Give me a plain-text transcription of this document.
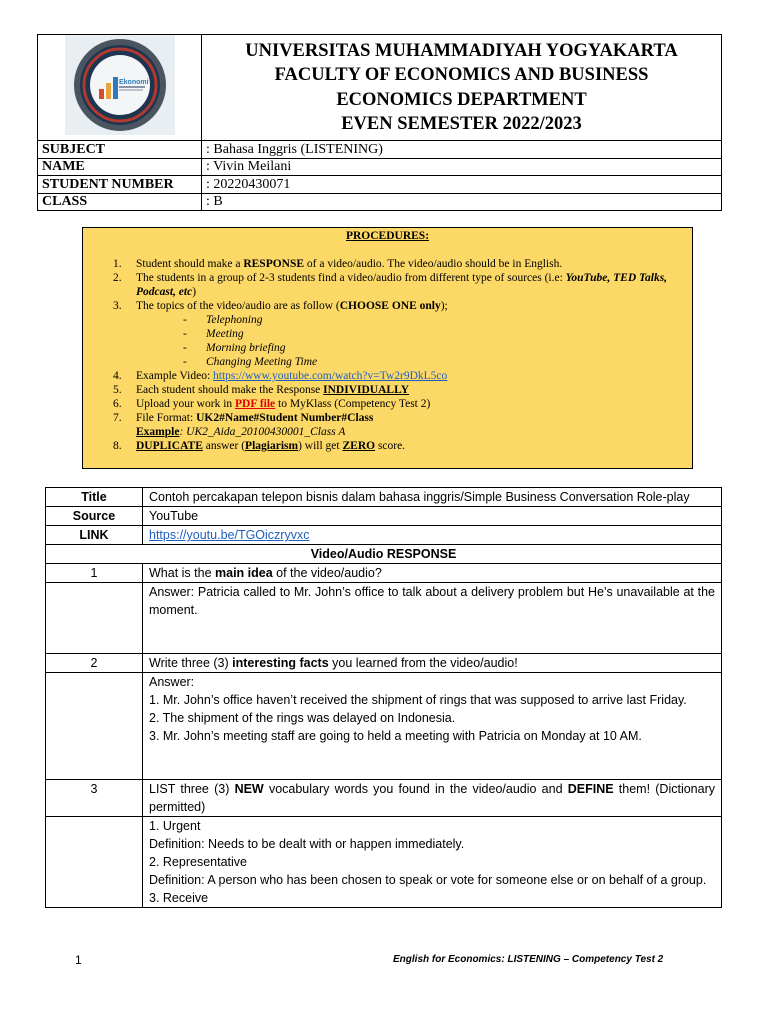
Ekonomi	UNIVERSITAS MUHAMMADIYAH YOGYAKARTA
FACULTY OF ECONOMICS AND BUSINESS
ECONOMICS DEPARTMENT
EVEN SEMESTER 2022/2023

SUBJECT	: Bahasa Inggris (LISTENING)
NAME	: Vivin Meilani
STUDENT NUMBER	: 20220430071
CLASS	: B
PROCEDURES:
1. Student should make a RESPONSE of a video/audio. The video/audio should be in English.
2. The students in a group of 2-3 students find a video/audio from different type of sources (i.e: YouTube, TED Talks, Podcast, etc)
3. The topics of the video/audio are as follow (CHOOSE ONE only);
- Telephoning
- Meeting
- Morning briefing
- Changing Meeting Time
4. Example Video: https://www.youtube.com/watch?v=Tw2r9DkL5co
5. Each student should make the Response INDIVIDUALLY
6. Upload your work in PDF file to MyKlass (Competency Test 2)
7. File Format: UK2#Name#Student Number#Class
Example: UK2_Aida_20100430001_Class A
8. DUPLICATE answer (Plagiarism) will get ZERO score.
Title	Contoh percakapan telepon bisnis dalam bahasa inggris/Simple Business Conversation Role-play
Source	YouTube
LINK	https://youtu.be/TGOiczryvxc
Video/Audio RESPONSE	
1	What is the main idea of the video/audio?
	Answer: Patricia called to Mr. John’s office to talk about a delivery problem but He’s unavailable at the moment.
2	Write three (3) interesting facts you learned from the video/audio!

	Answer:
1. Mr. John’s office haven’t received the shipment of rings that was supposed to arrive last Friday.
2. The shipment of the rings was delayed on Indonesia.
3. Mr. John’s meeting staff are going to held a meeting with Patricia on Monday at 10 AM.

3	LIST three (3) NEW vocabulary words you found in the video/audio and DEFINE them! (Dictionary permitted)

	1. Urgent
Definition: Needs to be dealt with or happen immediately.
2. Representative
Definition: A person who has been chosen to speak or vote for someone else or on behalf of a group.
3. Receive
1	English for Economics: LISTENING – Competency Test 2
